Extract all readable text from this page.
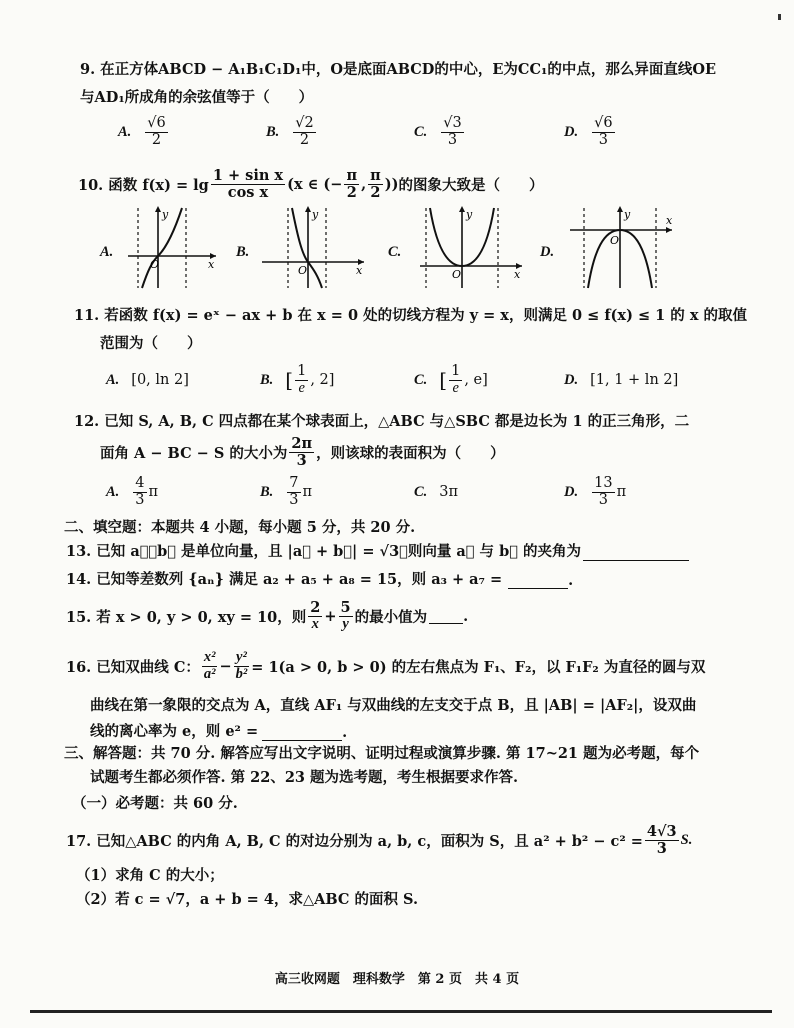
9. 在正方体ABCD − A₁B₁C₁D₁中，O是底面ABCD的中心，E为CC₁的中点，那么异面直线OE
与AD₁所成角的余弦值等于（　　）
A. $\frac{√6}{2}$	B. $\frac{√2}{2}$	C. $\frac{√3}{3}$	D. $\frac{√6}{3}$
10. 函数 $f(x) = \lg \frac{\text{1 + sin x}}{\text{cos x}} (x$ ∈ (− $\frac{\pi}{2}$ , $\frac{\pi}{2}$ )) 的图象大致是（　　）
A.
y
x
O
B.
y
x
O
C.
y
x
O
D.
y	x
O
11. 若函数 f(x) = eˣ − ax + b 在 x = 0 处的切线方程为 y = x，则满足 0 ≤ f(x) ≤ 1 的 x 的取值
范围为（　　）
A. [0, ln 2]	B. [ $\frac{1}{e}$ , 2]	C. [ $\frac{1}{e}$ , e]	D. [1, 1 + ln 2]
12. 已知 S, A, B, C 四点都在某个球表面上，△ABC 与△SBC 都是边长为 1 的正三角形，二
面角 A − BC − S 的大小为 $\frac{2\pi}{3}$ ，则该球的表面积为（　　）
A. $\frac{4}{3}$ π	B. $\frac{7}{3}$ π	C. 3π	D. $\frac{13}{3}$ π
二、填空题：本题共 4 小题，每小题 5 分，共 20 分.
13. 已知 a⃗，b⃗ 是单位向量，且 |a⃗ + b⃗| = √3，则向量 a⃗ 与 b⃗ 的夹角为
14. 已知等差数列 {aₙ} 满足 a₂ + a₅ + a₈ = 15，则 a₃ + a₇ =	.
15. 若 x > 0, y > 0, xy = 10，则 $\frac{2}{x} + \frac{5}{y}$ 的最小值为 .
16. 已知双曲线 C： $\frac{\text{x²}}{\text{a²}} - \frac{\text{y²}}{\text{b²}} = 1(a > 0$, b > 0) 的左右焦点为 F₁、F₂，以 F₁F₂ 为直径的圆与双
曲线在第一象限的交点为 A，直线 AF₁ 与双曲线的左支交于点 B，且 |AB| = |AF₂|，设双曲
线的离心率为 e，则 e² =	.
三、解答题：共 70 分. 解答应写出文字说明、证明过程或演算步骤. 第 17~21 题为必考题，每个
试题考生都必须作答. 第 22、23 题为选考题，考生根据要求作答.
（一）必考题：共 60 分.
17. 已知△ABC 的内角 A, B, C 的对边分别为 a, b, c，面积为 S，且 $a^2 + b^2 - c^2 = \frac{4√3}{3} S$.
（1）求角 C 的大小；
（2）若 c = √7，a + b = 4，求△ABC 的面积 S.
高三收网题　理科数学　第 2 页　共 4 页
